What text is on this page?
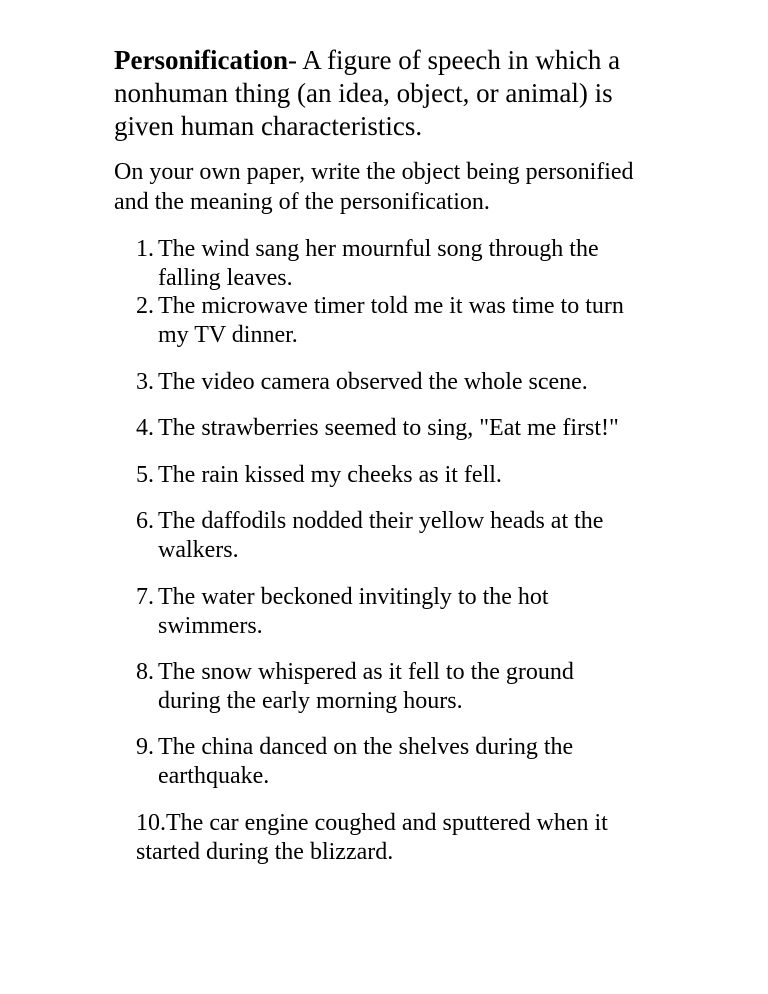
Personification- A figure of speech in which a nonhuman thing (an idea, object, or animal) is given human characteristics.

On your own paper, write the object being personified and the meaning of the personification.

1. The wind sang her mournful song through the
falling leaves.

2. The microwave timer told me it was time to turn
my TV dinner.

3. The video camera observed the whole scene.

4. The strawberries seemed to sing, "Eat me first!"

5. The rain kissed my cheeks as it fell.

6. The daffodils nodded their yellow heads at the
walkers.

7. The water beckoned invitingly to the hot
swimmers.

8. The snow whispered as it fell to the ground
during the early morning hours.

9. The china danced on the shelves during the
earthquake.

10.The car engine coughed and sputtered when it
started during the blizzard.
